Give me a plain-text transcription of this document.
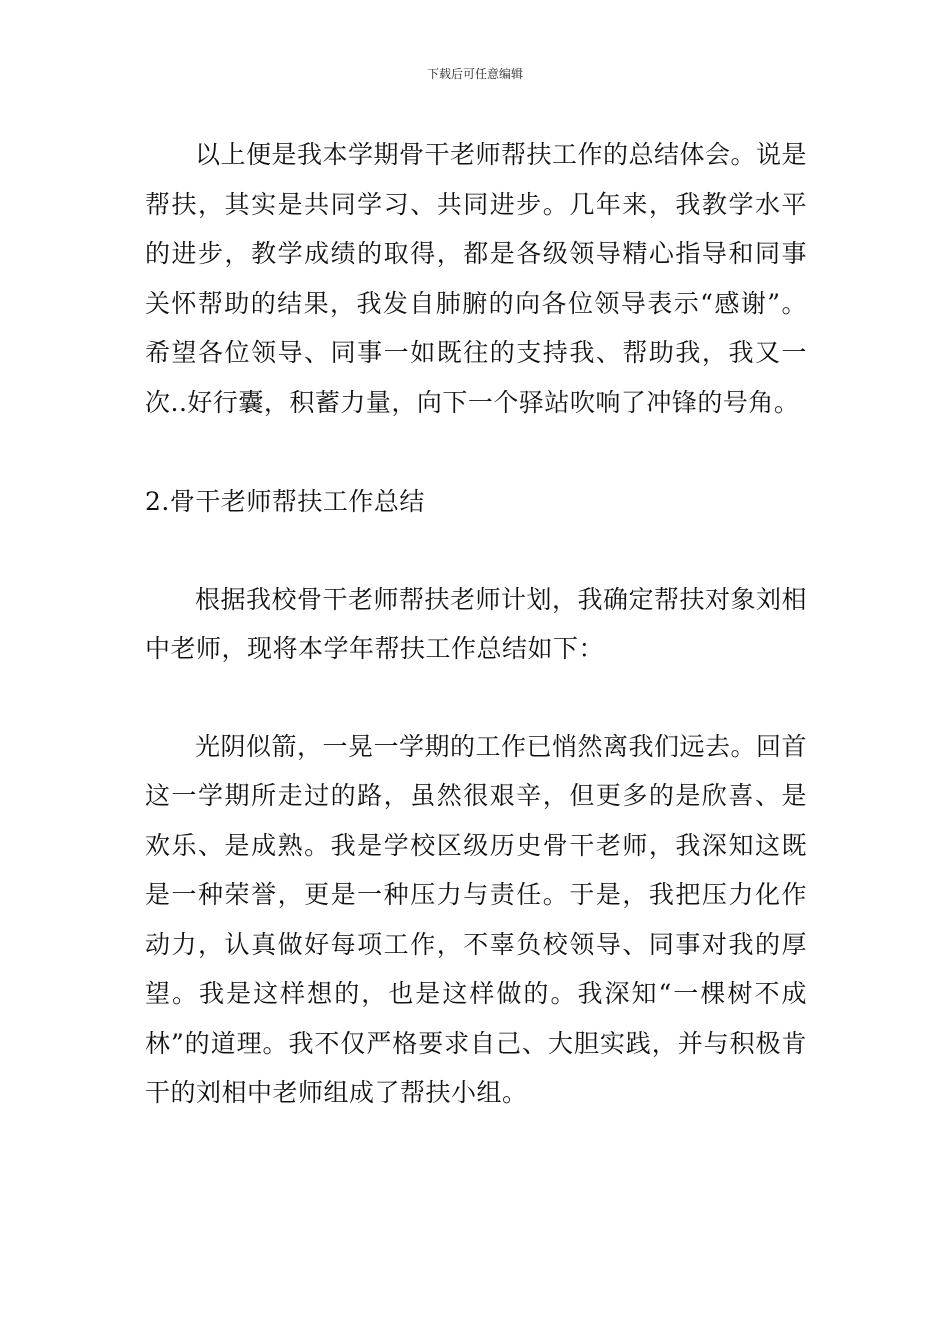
下载后可任意编辑

以上便是我本学期骨干老师帮扶工作的总结体会。说是帮扶，其实是共同学习、共同进步。几年来，我教学水平的进步，教学成绩的取得，都是各级领导精心指导和同事关怀帮助的结果，我发自肺腑的向各位领导表示“感谢”。希望各位领导、同事一如既往的支持我、帮助我，我又一次..好行囊，积蓄力量，向下一个驿站吹响了冲锋的号角。

2.骨干老师帮扶工作总结

根据我校骨干老师帮扶老师计划，我确定帮扶对象刘相中老师，现将本学年帮扶工作总结如下：

光阴似箭，一晃一学期的工作已悄然离我们远去。回首这一学期所走过的路，虽然很艰辛，但更多的是欣喜、是欢乐、是成熟。我是学校区级历史骨干老师，我深知这既是一种荣誉，更是一种压力与责任。于是，我把压力化作动力，认真做好每项工作，不辜负校领导、同事对我的厚望。我是这样想的，也是这样做的。我深知“一棵树不成林”的道理。我不仅严格要求自己、大胆实践，并与积极肯干的刘相中老师组成了帮扶小组。
